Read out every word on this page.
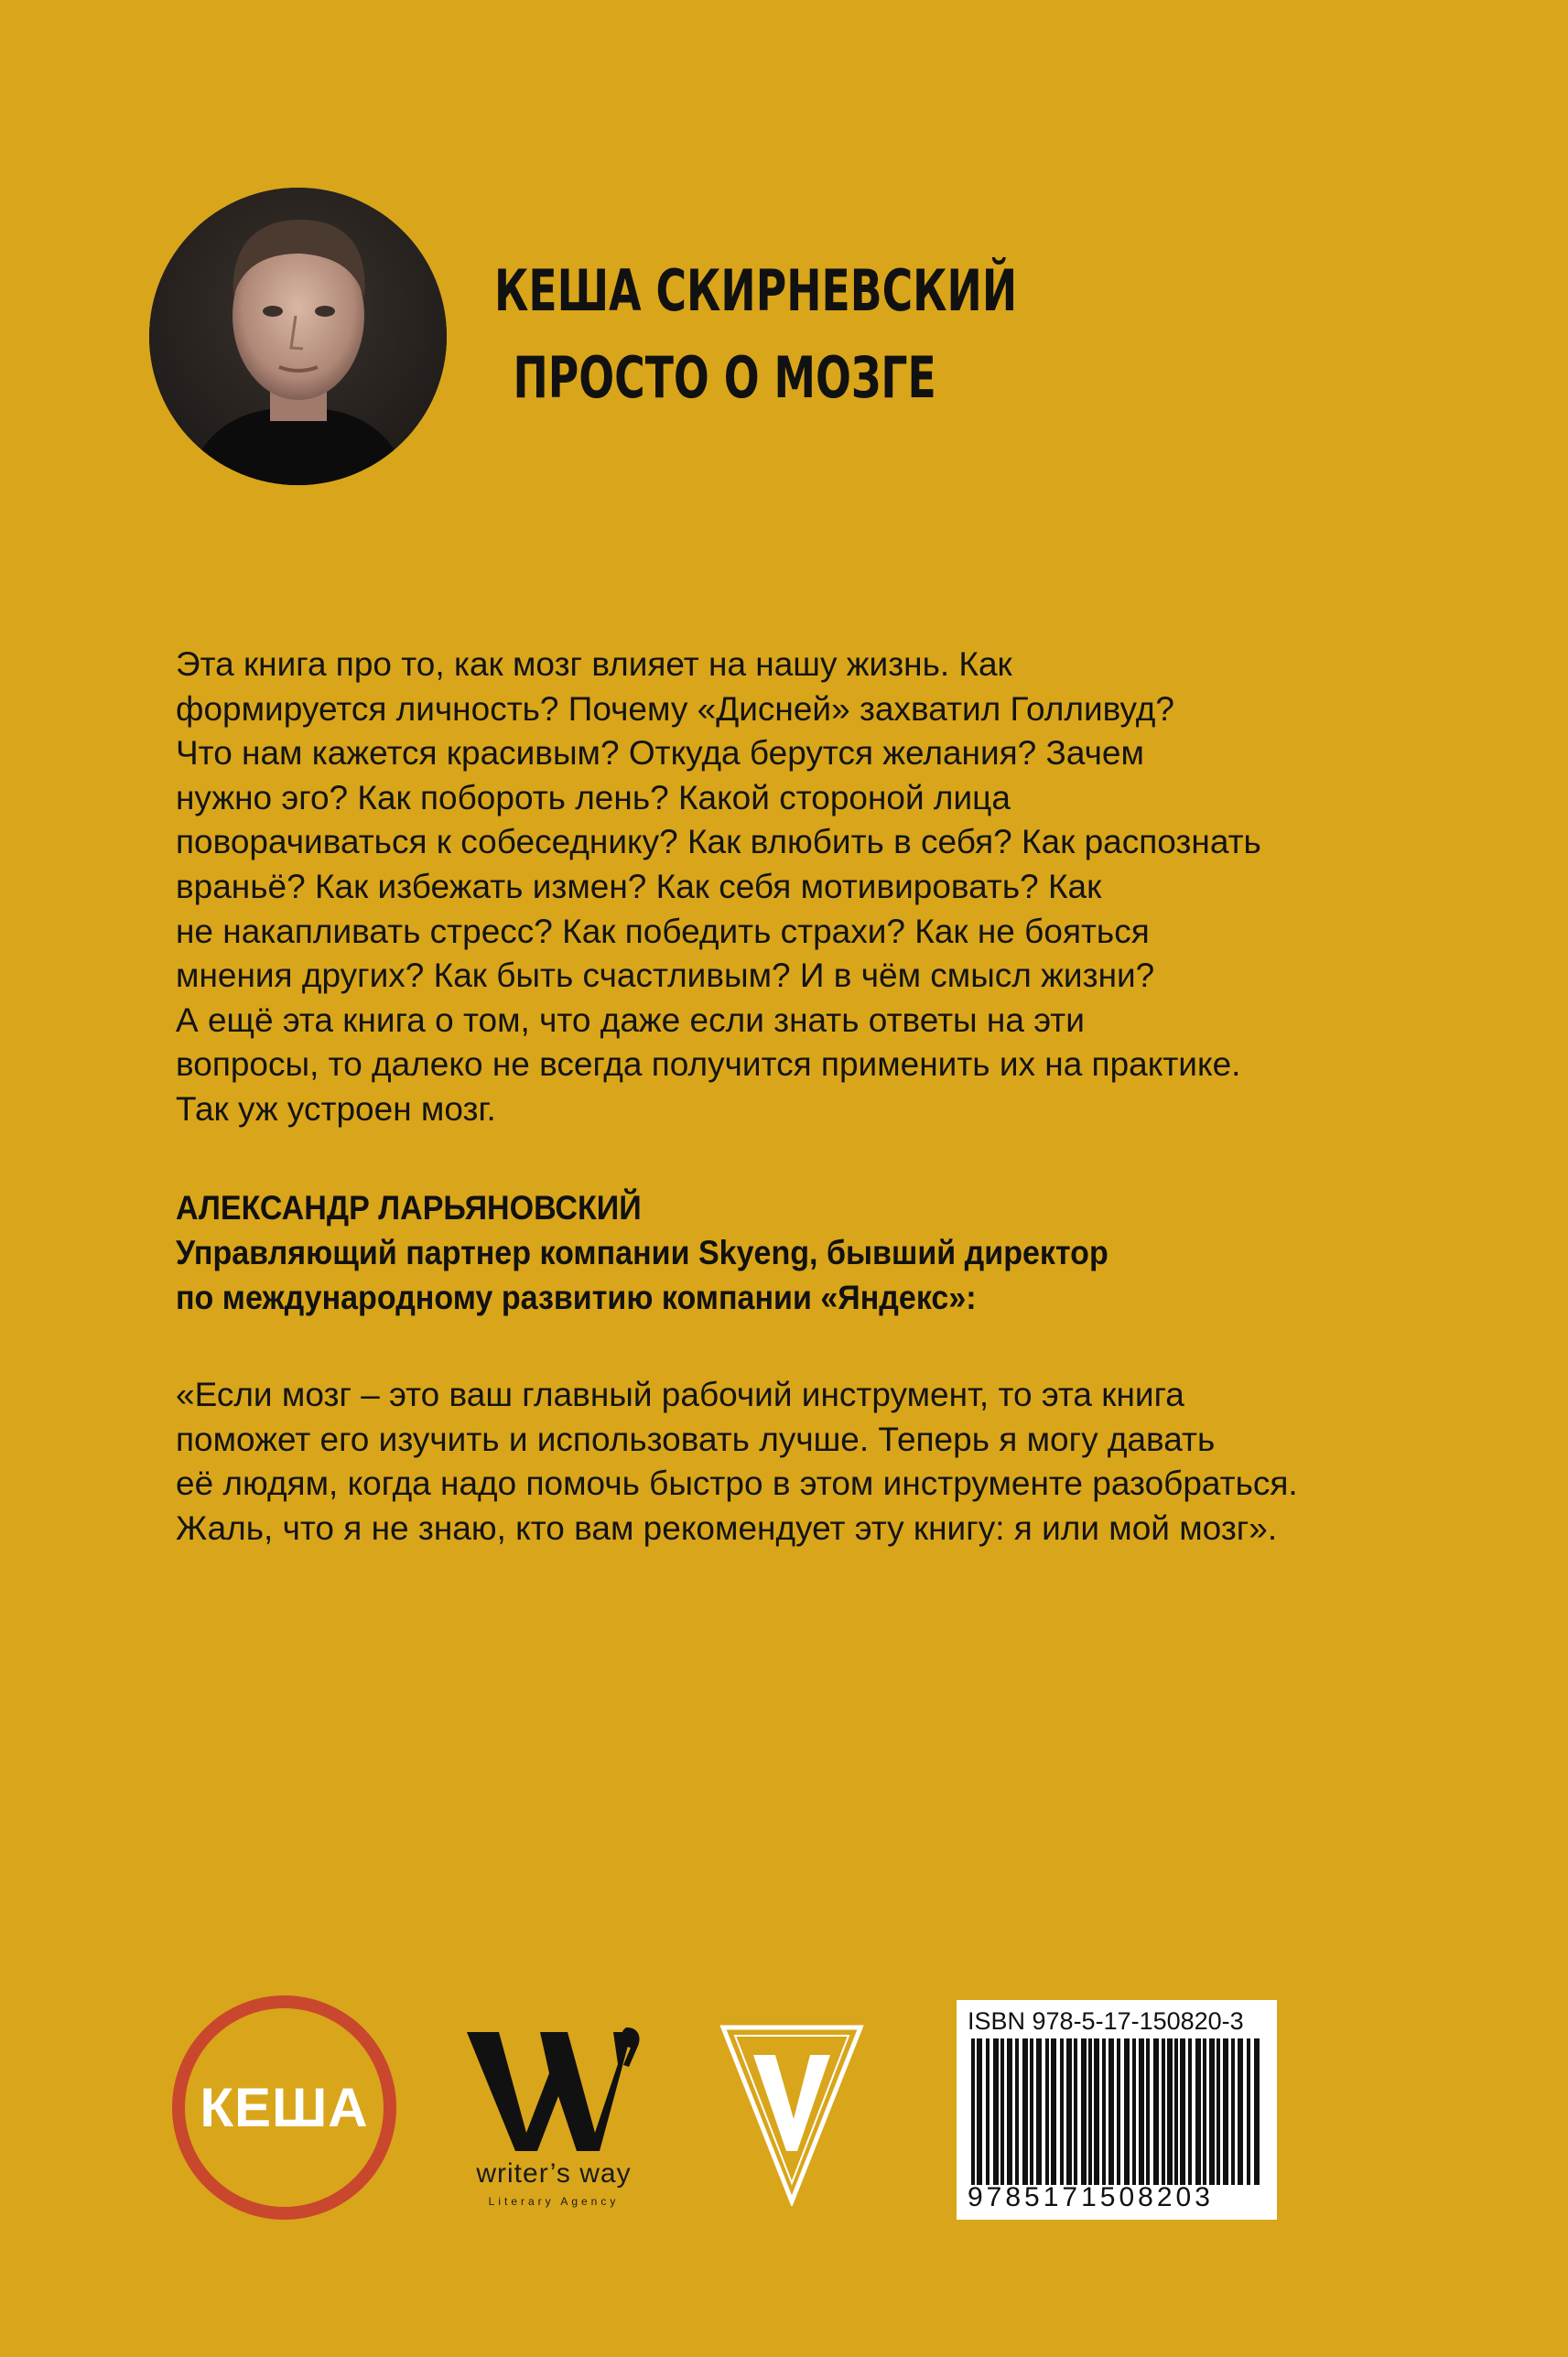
КЕША СКИРНЕВСКИЙ
ПРОСТО О МОЗГЕ

Эта книга про то, как мозг влияет на нашу жизнь. Как

формируется личность? Почему «Дисней» захватил Голливуд?

Что нам кажется красивым? Откуда берутся желания? Зачем

нужно эго? Как побороть лень? Какой стороной лица

поворачиваться к собеседнику? Как влюбить в себя? Как распознать

враньё? Как избежать измен? Как себя мотивировать? Как

не накапливать стресс? Как победить страхи? Как не бояться

мнения других? Как быть счастливым? И в чём смысл жизни?

А ещё эта книга о том, что даже если знать ответы на эти

вопросы, то далеко не всегда получится применить их на практике.

Так уж устроен мозг.

АЛЕКСАНДР ЛАРЬЯНОВСКИЙ
Управляющий партнер компании Skyeng, бывший директор
по международному развитию компании «Яндекс»:
«Если мозг – это ваш главный рабочий инструмент, то эта книга
поможет его изучить и использовать лучше. Теперь я могу давать
её людям, когда надо помочь быстро в этом инструменте разобраться.
Жаль, что я не знаю, кто вам рекомендует эту книгу: я или мой мозг».
КЕША
writer’s way
Literary Agency
ISBN 978-5-17-150820-3
9785171508203
